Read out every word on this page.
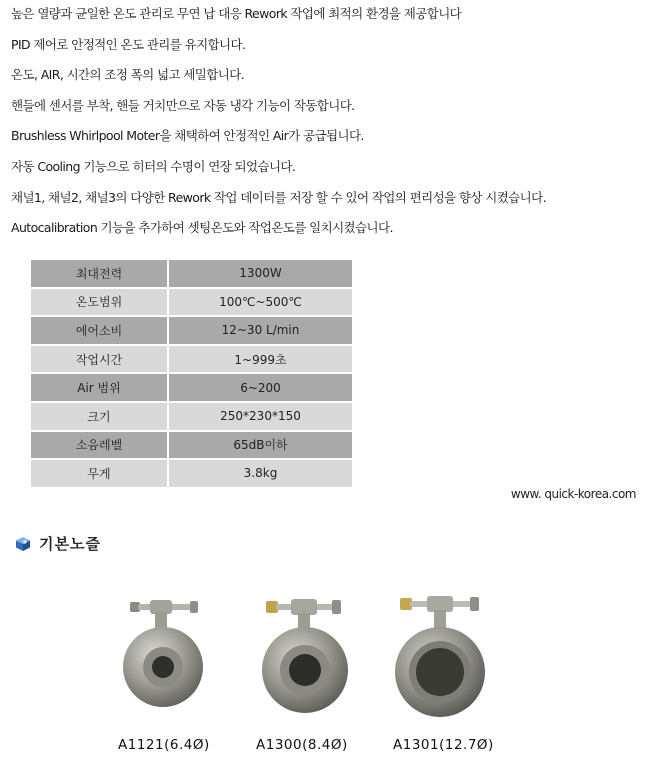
높은 열량과 균일한 온도 관리로 무연 납 대응 Rework 작업에 최적의 환경을 제공합니다
PID 제어로 안정적인 온도 관리를 유지합니다.
온도, AIR, 시간의 조정 폭의 넓고 세밀합니다.
핸들에 센서를 부착, 핸들 거치만으로 자동 냉각 기능이 작동합니다.
Brushless Whirlpool Moter을 채택하여 안정적인 Air가 공급됩니다.
자동 Cooling 기능으로 히터의 수명이 연장 되었습니다.
채널1, 채널2, 채널3의 다양한 Rework 작업 데이터를 저장 할 수 있어 작업의 편리성을 향상 시켰습니다.
Autocalibration 기능을 추가하여 셋팅온도와 작업온도를 일치시켰습니다.
최대전력	1300W
온도범위	100℃~500℃
에어소비	12~30 L/min
작업시간	1~999초
Air 범위	6~200
크기	250*230*150
소음레벨	65dB이하
무게	3.8kg
www. quick-korea.com
기본노즐
A1121(6.4Ø)	A1300(8.4Ø)	A1301(12.7Ø)
